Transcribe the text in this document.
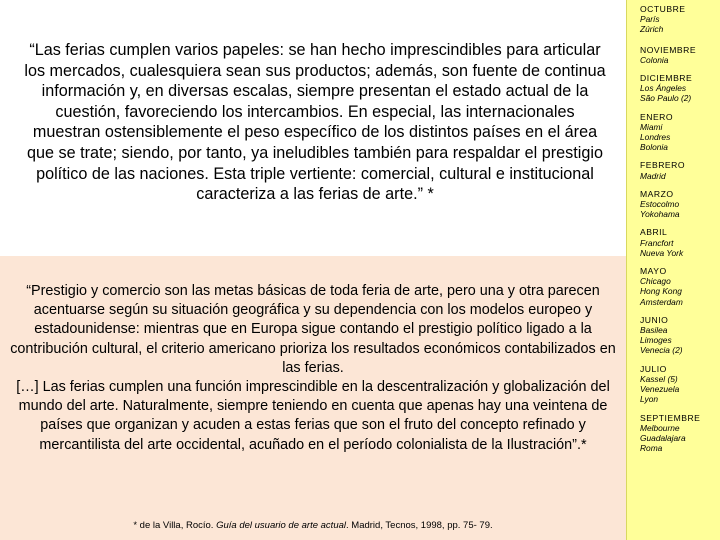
“Las ferias cumplen varios papeles: se han hecho imprescindibles para articular los mercados, cualesquiera sean sus productos; además, son fuente de continua información y, en diversas escalas, siempre presentan el estado actual de la cuestión, favoreciendo los intercambios. En especial, las internacionales muestran ostensiblemente el peso específico de los distintos países en el área que se trate; siendo, por tanto, ya ineludibles también para respaldar el prestigio político de las naciones. Esta triple vertiente: comercial, cultural e institucional caracteriza a las ferias de arte.” *

“Prestigio y comercio son las metas básicas de toda feria de arte, pero una y otra parecen acentuarse según su situación geográfica y su dependencia con los modelos europeo y estadounidense: mientras que en Europa sigue contando el prestigio político ligado a la contribución cultural, el criterio americano prioriza los resultados económicos contabilizados en las ferias.
[…] Las ferias cumplen una función imprescindible en la descentralización y globalización del mundo del arte. Naturalmente, siempre teniendo en cuenta que apenas hay una veintena de países que organizan y acuden a estas ferias que son el fruto del concepto refinado y mercantilista del arte occidental, acuñado en el período colonialista de la Ilustración”.*

* de la Villa, Rocío. Guía del usuario de arte actual. Madrid, Tecnos, 1998, pp. 75- 79.

OCTUBRE
París
Zúrich
NOVIEMBRE
Colonia
DICIEMBRE
Los Ángeles
São Paulo (2)
ENERO
Miami
Londres
Bolonia
FEBRERO
Madrid
MARZO
Estocolmo
Yokohama
ABRIL
Francfort
Nueva York
MAYO
Chicago
Hong Kong
Amsterdam
JUNIO
Basilea
Limoges
Venecia (2)
JULIO
Kassel (5)
Venezuela
Lyon
SEPTIEMBRE
Melbourne
Guadalajara
Roma
